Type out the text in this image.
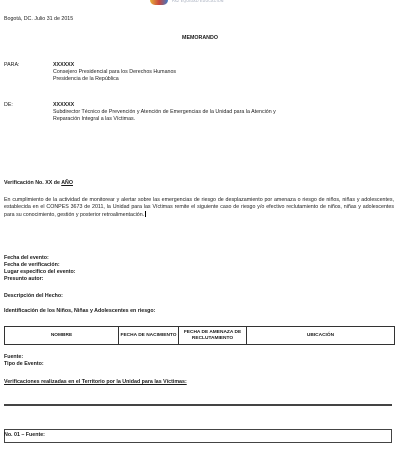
PAZ EQUIDAD EDUCACIÓN
Bogotá, DC. Julio 31 de 2015
MEMORANDO
PARA:	XXXXXX
Consejero Presidencial para los Derechos Humanos
Presidencia de la República
DE:	XXXXXX
Subdirector Técnico de Prevención y Atención de Emergencias de la Unidad para la Atención y
Reparación Integral a las Víctimas.
Verificación No. XX de AÑO
En cumplimiento de la actividad de monitorear y alertar sobre las emergencias de riesgo de desplazamiento por amenaza o riesgo de niños, niñas y adolescentes, establecida en el CONPES 3673 de 2011, la Unidad para las Víctimas remite el siguiente caso de riesgo y/o efectivo reclutamiento de niños, niñas y adolescentes para su conocimiento, gestión y posterior retroalimentación.
Fecha del evento:
Fecha de verificación:
Lugar especifico del evento:
Presunto autor:
Descripción del Hecho:
Identificación de los Niños, Niñas y Adolescentes en riesgo:
NOMBRE	FECHA DE NACIMIENTO	FECHA DE AMENAZA DE RECLUTAMIENTO	UBICACIÓN
Fuente:
Tipo de Evento:
Verificaciones realizadas en el Territorio por la Unidad para las Víctimas:
No. 01 – Fuente:
